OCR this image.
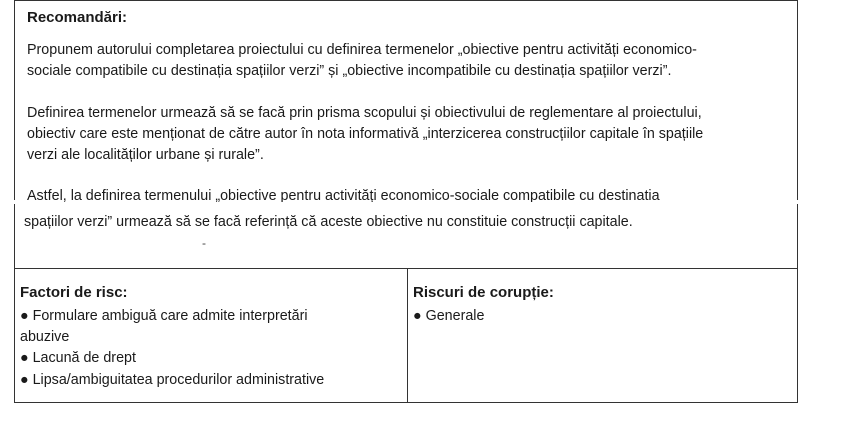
Recomandări:
Propunem autorului completarea proiectului cu definirea termenelor „obiective pentru activități economico-
sociale compatibile cu destinația spațiilor verzi” și „obiective incompatibile cu destinația spațiilor verzi”.
Definirea termenelor urmează să se facă prin prisma scopului și obiectivului de reglementare al proiectului,
obiectiv care este menționat de către autor în nota informativă „interzicerea construcțiilor capitale în spațiile
verzi ale localităților urbane și rurale”.
Astfel, la definirea termenului „obiective pentru activități economico-sociale compatibile cu destinatia
spațiilor verzi” urmează să se facă referință că aceste obiective nu constituie construcții capitale.
-
Factori de risc:
● Formulare ambiguă care admite interpretări
abuzive
● Lacună de drept
● Lipsa/ambiguitatea procedurilor administrative
Riscuri de corupție:
● Generale
